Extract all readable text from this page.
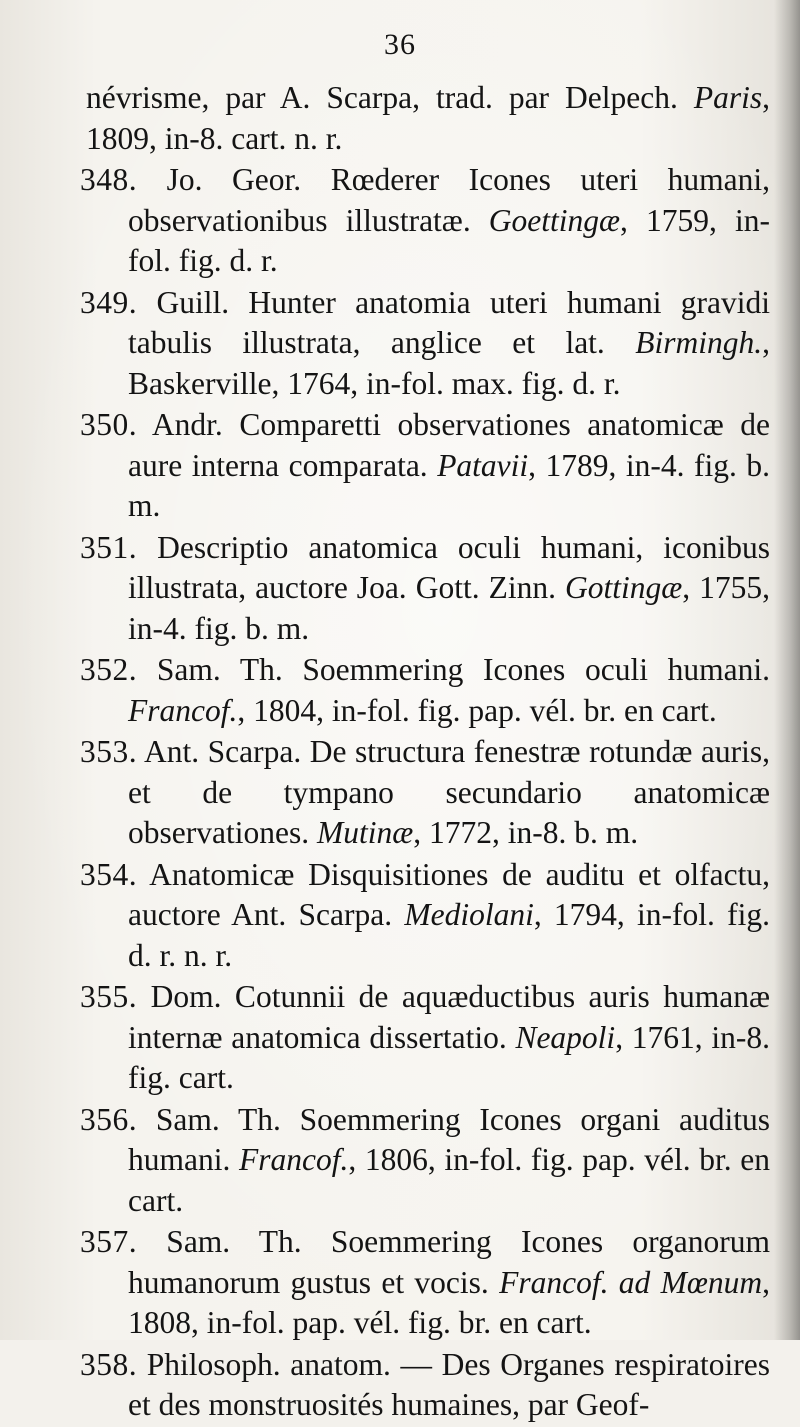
36

névrisme, par A. Scarpa, trad. par Delpech. Paris, 1809, in-8. cart. n. r.

348. Jo. Geor. Rœderer Icones uteri humani, observationibus illustratæ. Goettingæ, 1759, in-fol. fig. d. r.

349. Guill. Hunter anatomia uteri humani gravidi tabulis illustrata, anglice et lat. Birmingh., Baskerville, 1764, in-fol. max. fig. d. r.

350. Andr. Comparetti observationes anatomicæ de aure interna comparata. Patavii, 1789, in-4. fig. b. m.

351. Descriptio anatomica oculi humani, iconibus illustrata, auctore Joa. Gott. Zinn. Gottingæ, 1755, in-4. fig. b. m.

352. Sam. Th. Soemmering Icones oculi humani. Francof., 1804, in-fol. fig. pap. vél. br. en cart.

353. Ant. Scarpa. De structura fenestræ rotundæ auris, et de tympano secundario anatomicæ observationes. Mutinæ, 1772, in-8. b. m.

354. Anatomicæ Disquisitiones de auditu et olfactu, auctore Ant. Scarpa. Mediolani, 1794, in-fol. fig. d. r. n. r.

355. Dom. Cotunnii de aquæductibus auris humanæ internæ anatomica dissertatio. Neapoli, 1761, in-8. fig. cart.

356. Sam. Th. Soemmering Icones organi auditus humani. Francof., 1806, in-fol. fig. pap. vél. br. en cart.

357. Sam. Th. Soemmering Icones organorum humanorum gustus et vocis. Francof. ad Mœnum, 1808, in-fol. pap. vél. fig. br. en cart.

358. Philosoph. anatom. — Des Organes respiratoires et des monstruosités humaines, par Geof-
